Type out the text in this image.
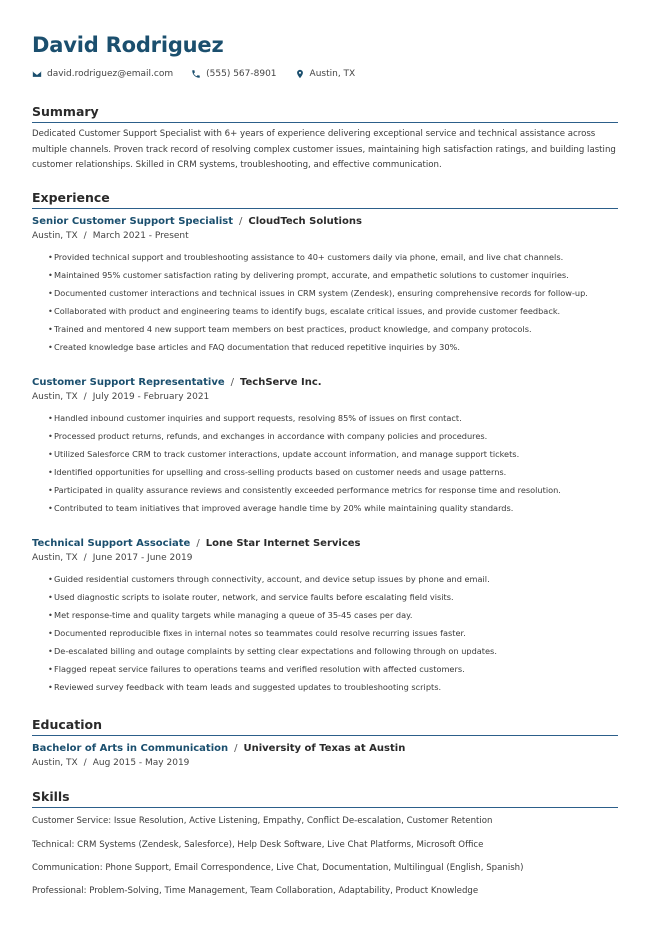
David Rodriguez
david.rodriguez@email.com	(555) 567-8901	Austin, TX
Summary
Dedicated Customer Support Specialist with 6+ years of experience delivering exceptional service and technical assistance across
multiple channels. Proven track record of resolving complex customer issues, maintaining high satisfaction ratings, and building lasting
customer relationships. Skilled in CRM systems, troubleshooting, and effective communication.
Experience
Senior Customer Support Specialist / CloudTech Solutions
Austin, TX / March 2021 - Present
• Provided technical support and troubleshooting assistance to 40+ customers daily via phone, email, and live chat channels.
• Maintained 95% customer satisfaction rating by delivering prompt, accurate, and empathetic solutions to customer inquiries.
• Documented customer interactions and technical issues in CRM system (Zendesk), ensuring comprehensive records for follow-up.
• Collaborated with product and engineering teams to identify bugs, escalate critical issues, and provide customer feedback.
• Trained and mentored 4 new support team members on best practices, product knowledge, and company protocols.
• Created knowledge base articles and FAQ documentation that reduced repetitive inquiries by 30%.
Customer Support Representative / TechServe Inc.
Austin, TX / July 2019 - February 2021
• Handled inbound customer inquiries and support requests, resolving 85% of issues on first contact.
• Processed product returns, refunds, and exchanges in accordance with company policies and procedures.
• Utilized Salesforce CRM to track customer interactions, update account information, and manage support tickets.
• Identified opportunities for upselling and cross-selling products based on customer needs and usage patterns.
• Participated in quality assurance reviews and consistently exceeded performance metrics for response time and resolution.
• Contributed to team initiatives that improved average handle time by 20% while maintaining quality standards.
Technical Support Associate / Lone Star Internet Services
Austin, TX / June 2017 - June 2019
• Guided residential customers through connectivity, account, and device setup issues by phone and email.
• Used diagnostic scripts to isolate router, network, and service faults before escalating field visits.
• Met response-time and quality targets while managing a queue of 35-45 cases per day.
• Documented reproducible fixes in internal notes so teammates could resolve recurring issues faster.
• De-escalated billing and outage complaints by setting clear expectations and following through on updates.
• Flagged repeat service failures to operations teams and verified resolution with affected customers.
• Reviewed survey feedback with team leads and suggested updates to troubleshooting scripts.
Education
Bachelor of Arts in Communication / University of Texas at Austin
Austin, TX / Aug 2015 - May 2019
Skills
Customer Service: Issue Resolution, Active Listening, Empathy, Conflict De-escalation, Customer Retention
Technical: CRM Systems (Zendesk, Salesforce), Help Desk Software, Live Chat Platforms, Microsoft Office
Communication: Phone Support, Email Correspondence, Live Chat, Documentation, Multilingual (English, Spanish)
Professional: Problem-Solving, Time Management, Team Collaboration, Adaptability, Product Knowledge
